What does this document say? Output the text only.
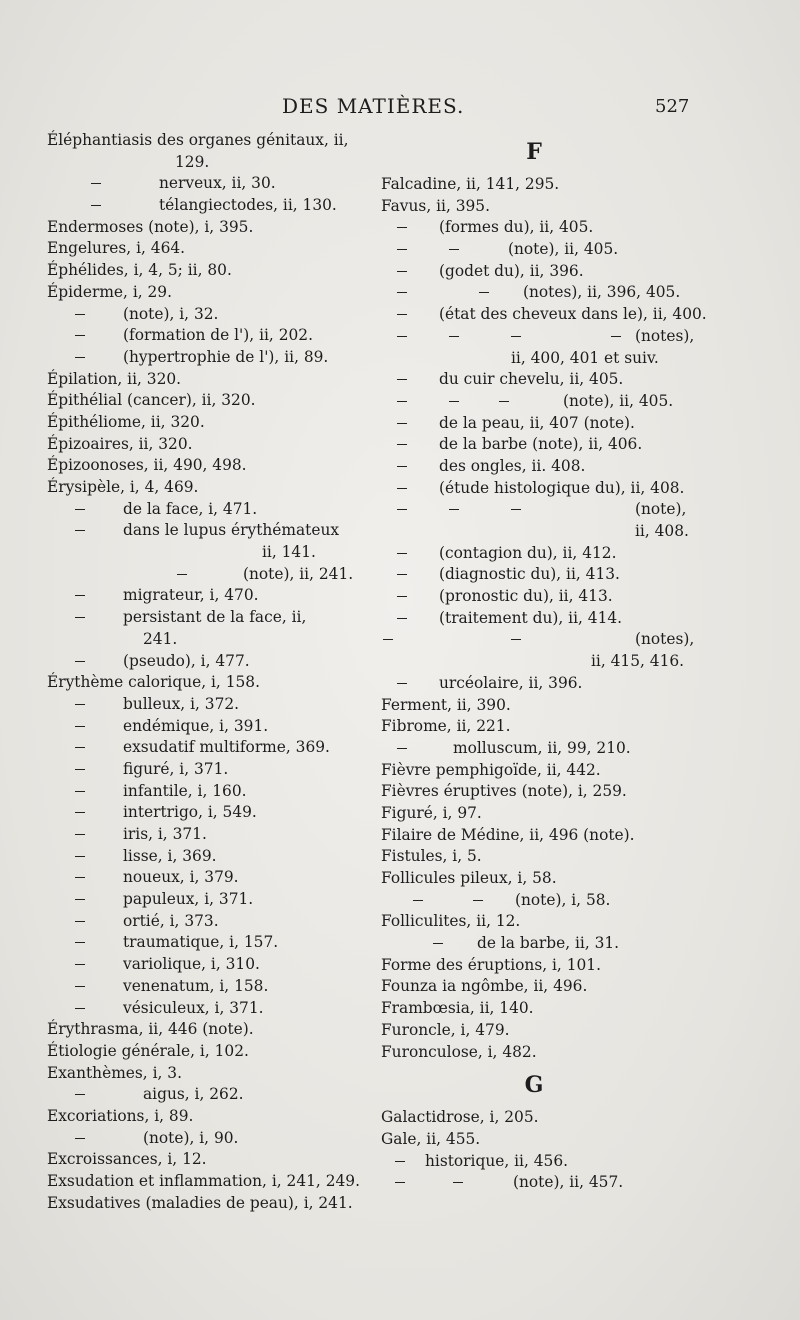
DES MATIÈRES.	527
Éléphantiasis des organes génitaux, ii,
129.
nerveux, ii, 30.
télangiectodes, ii, 130.
Endermoses (note), i, 395.
Engelures, i, 464.
Éphélides, i, 4, 5; ii, 80.
Épiderme, i, 29.
(note), i, 32.
(formation de l'), ii, 202.
(hypertrophie de l'), ii, 89.
Épilation, ii, 320.
Épithélial (cancer), ii, 320.
Épithéliome, ii, 320.
Épizoaires, ii, 320.
Épizoonoses, ii, 490, 498.
Érysipèle, i, 4, 469.
de la face, i, 471.
dans le lupus érythémateux
ii, 141.
(note), ii, 241.
migrateur, i, 470.
persistant de la face, ii,
241.
(pseudo), i, 477.
Érythème calorique, i, 158.
bulleux, i, 372.
endémique, i, 391.
exsudatif multiforme, 369.
figuré, i, 371.
infantile, i, 160.
intertrigo, i, 549.
iris, i, 371.
lisse, i, 369.
noueux, i, 379.
papuleux, i, 371.
ortié, i, 373.
traumatique, i, 157.
variolique, i, 310.
venenatum, i, 158.
vésiculeux, i, 371.
Érythrasma, ii, 446 (note).
Étiologie générale, i, 102.
Exanthèmes, i, 3.
aigus, i, 262.
Excoriations, i, 89.
(note), i, 90.
Excroissances, i, 12.
Exsudation et inflammation, i, 241, 249.
Exsudatives (maladies de peau), i, 241.
F
Falcadine, ii, 141, 295.
Favus, ii, 395.
(formes du), ii, 405.
(note), ii, 405.
(godet du), ii, 396.
(notes), ii, 396, 405.
(état des cheveux dans le), ii, 400.
(notes),
ii, 400, 401 et suiv.
du cuir chevelu, ii, 405.
(note), ii, 405.
de la peau, ii, 407 (note).
de la barbe (note), ii, 406.
des ongles, ii. 408.
(étude histologique du), ii, 408.
(note),
ii, 408.
(contagion du), ii, 412.
(diagnostic du), ii, 413.
(pronostic du), ii, 413.
(traitement du), ii, 414.
(notes),
ii, 415, 416.
urcéolaire, ii, 396.
Ferment, ii, 390.
Fibrome, ii, 221.
molluscum, ii, 99, 210.
Fièvre pemphigoïde, ii, 442.
Fièvres éruptives (note), i, 259.
Figuré, i, 97.
Filaire de Médine, ii, 496 (note).
Fistules, i, 5.
Follicules pileux, i, 58.
(note), i, 58.
Folliculites, ii, 12.
de la barbe, ii, 31.
Forme des éruptions, i, 101.
Founza ia ngômbe, ii, 496.
Frambœsia, ii, 140.
Furoncle, i, 479.
Furonculose, i, 482.
G
Galactidrose, i, 205.
Gale, ii, 455.
historique, ii, 456.
(note), ii, 457.
